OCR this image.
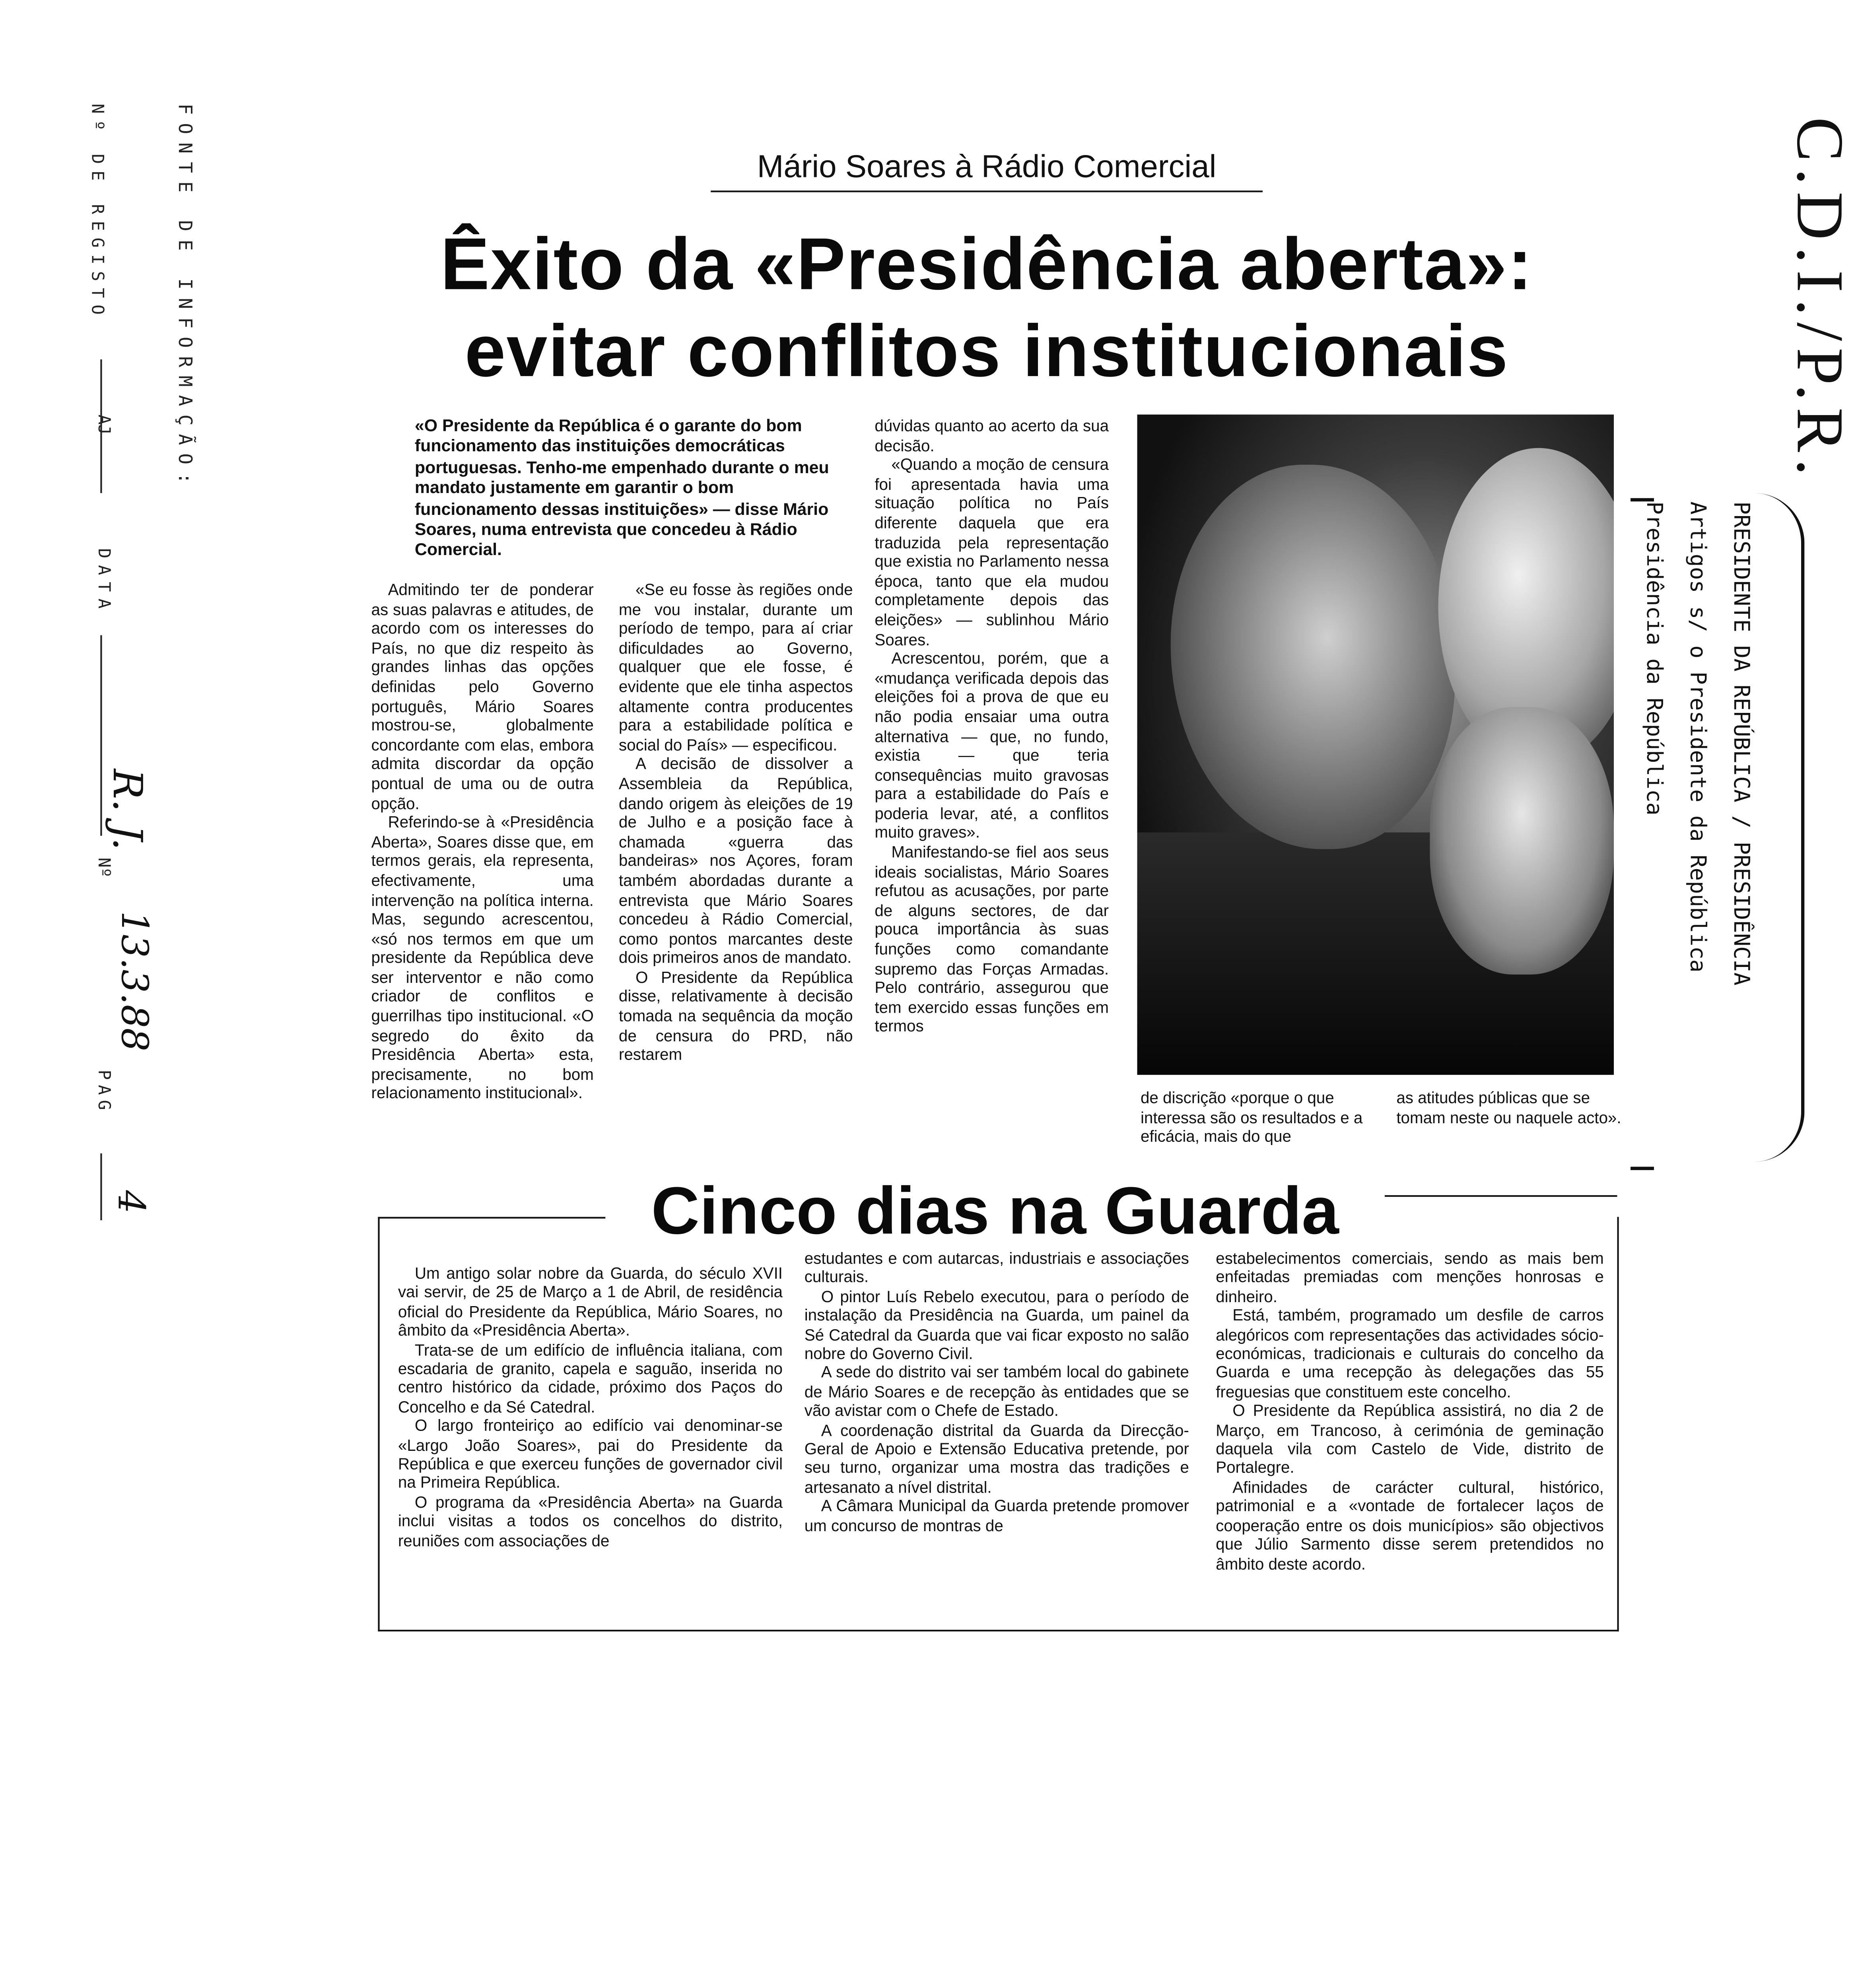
FONTE DE INFORMAÇÃO:
Nº DE REGISTO
AJ
DATA
Nº
PAG
R. J.
13.3.88
4
C.D.I./P.R.
PRESIDENTE DA REPÚBLICA / PRESIDÊNCIA
Artigos s/ o Presidente da República
Presidência da República
Mário Soares à Rádio Comercial
Êxito da «Presidência aberta»:
evitar conflitos institucionais
«O Presidente da República é o garante do bom funcionamento das instituições democráticas portuguesas. Tenho-me empenhado durante o meu mandato justamente em garantir o bom funcionamento dessas instituições» — disse Mário Soares, numa entrevista que concedeu à Rádio Comercial.

Admitindo ter de ponderar as suas palavras e atitudes, de acordo com os interesses do País, no que diz respeito às grandes linhas das opções definidas pelo Governo português, Mário Soares mostrou-se, globalmente concordante com elas, embora admita discordar da opção pontual de uma ou de outra opção.

Referindo-se à «Presidência Aberta», Soares disse que, em termos gerais, ela representa, efectivamente, uma intervenção na política interna. Mas, segundo acrescentou, «só nos termos em que um presidente da República deve ser interventor e não como criador de conflitos e guerrilhas tipo institucional. «O segredo do êxito da Presidência Aberta» esta, precisamente, no bom relacionamento institucional».

«Se eu fosse às regiões onde me vou instalar, durante um período de tempo, para aí criar dificuldades ao Governo, qualquer que ele fosse, é evidente que ele tinha aspectos altamente contra producentes para a estabilidade política e social do País» — especificou.

A decisão de dissolver a Assembleia da República, dando origem às eleições de 19 de Julho e a posição face à chamada «guerra das bandeiras» nos Açores, foram também abordadas durante a entrevista que Mário Soares concedeu à Rádio Comercial, como pontos marcantes deste dois primeiros anos de mandato.

O Presidente da República disse, relativamente à decisão tomada na sequência da moção de censura do PRD, não restarem

dúvidas quanto ao acerto da sua decisão.

«Quando a moção de censura foi apresentada havia uma situação política no País diferente daquela que era traduzida pela representação que existia no Parlamento nessa época, tanto que ela mudou completamente depois das eleições» — sublinhou Mário Soares.

Acrescentou, porém, que a «mudança verificada depois das eleições foi a prova de que eu não podia ensaiar uma outra alternativa — que, no fundo, existia — que teria consequências muito gravosas para a estabilidade do País e poderia levar, até, a conflitos muito graves».

Manifestando-se fiel aos seus ideais socialistas, Mário Soares refutou as acusações, por parte de alguns sectores, de dar pouca importância às suas funções como comandante supremo das Forças Armadas. Pelo contrário, assegurou que tem exercido essas funções em termos

de discrição «porque o que interessa são os resultados e a eficácia, mais do que
as atitudes públicas que se tomam neste ou naquele acto».
Cinco dias na Guarda

Um antigo solar nobre da Guarda, do século XVII vai servir, de 25 de Março a 1 de Abril, de residência oficial do Presidente da República, Mário Soares, no âmbito da «Presidência Aberta».

Trata-se de um edifício de influência italiana, com escadaria de granito, capela e saguão, inserida no centro histórico da cidade, próximo dos Paços do Concelho e da Sé Catedral.

O largo fronteiriço ao edifício vai denominar-se «Largo João Soares», pai do Presidente da República e que exerceu funções de governador civil na Primeira República.

O programa da «Presidência Aberta» na Guarda inclui visitas a todos os concelhos do distrito, reuniões com associações de

estudantes e com autarcas, industriais e associações culturais.

O pintor Luís Rebelo executou, para o período de instalação da Presidência na Guarda, um painel da Sé Catedral da Guarda que vai ficar exposto no salão nobre do Governo Civil.

A sede do distrito vai ser também local do gabinete de Mário Soares e de recepção às entidades que se vão avistar com o Chefe de Estado.

A coordenação distrital da Guarda da Direcção-Geral de Apoio e Extensão Educativa pretende, por seu turno, organizar uma mostra das tradições e artesanato a nível distrital.

A Câmara Municipal da Guarda pretende promover um concurso de montras de

estabelecimentos comerciais, sendo as mais bem enfeitadas premiadas com menções honrosas e dinheiro.

Está, também, programado um desfile de carros alegóricos com representações das actividades sócio-económicas, tradicionais e culturais do concelho da Guarda e uma recepção às delegações das 55 freguesias que constituem este concelho.

O Presidente da República assistirá, no dia 2 de Março, em Trancoso, à cerimónia de geminação daquela vila com Castelo de Vide, distrito de Portalegre.

Afinidades de carácter cultural, histórico, patrimonial e a «vontade de fortalecer laços de cooperação entre os dois municípios» são objectivos que Júlio Sarmento disse serem pretendidos no âmbito deste acordo.
